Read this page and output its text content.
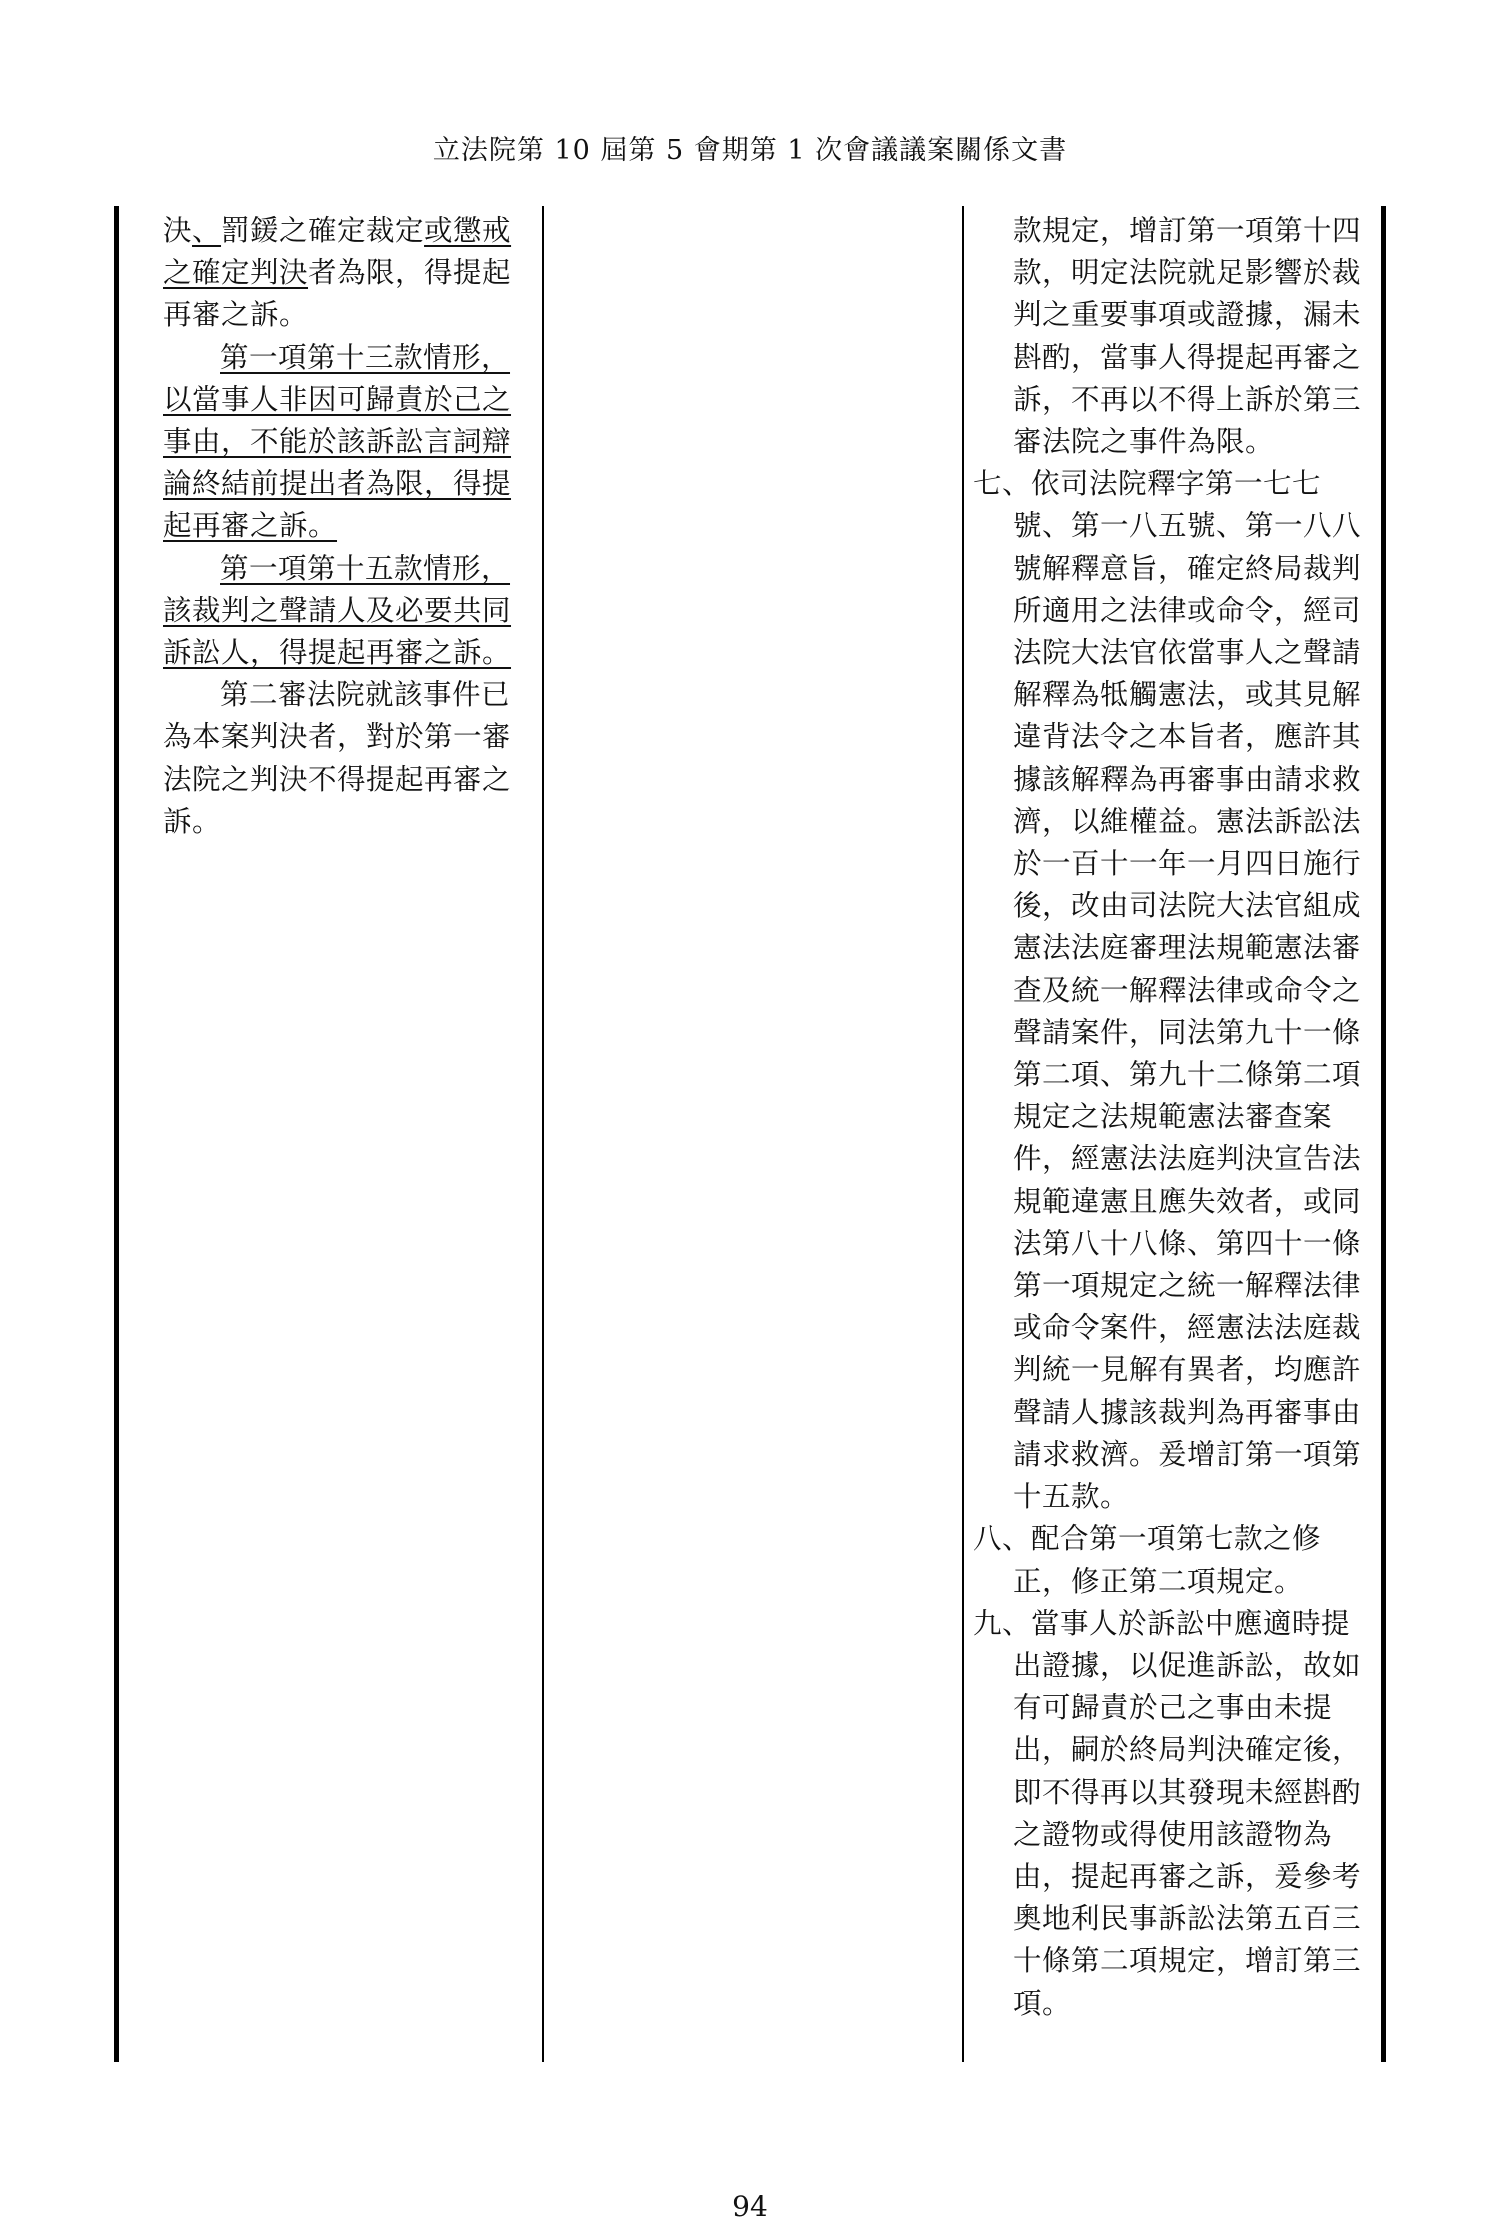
立法院第 10 屆第 5 會期第 1 次會議議案關係文書

決、罰鍰之確定裁定或懲戒之確定判決者為限，得提起再審之訴。

第一項第十三款情形，以當事人非因可歸責於己之事由，不能於該訴訟言詞辯論終結前提出者為限，得提起再審之訴。

第一項第十五款情形，該裁判之聲請人及必要共同訴訟人，得提起再審之訴。

第二審法院就該事件已為本案判決者，對於第一審法院之判決不得提起再審之訴。

款規定，增訂第一項第十四款，明定法院就足影響於裁判之重要事項或證據，漏未斟酌，當事人得提起再審之訴，不再以不得上訴於第三審法院之事件為限。

七、依司法院釋字第一七七號、第一八五號、第一八八號解釋意旨，確定終局裁判所適用之法律或命令，經司法院大法官依當事人之聲請解釋為牴觸憲法，或其見解違背法令之本旨者，應許其據該解釋為再審事由請求救濟，以維權益。憲法訴訟法於一百十一年一月四日施行後，改由司法院大法官組成憲法法庭審理法規範憲法審查及統一解釋法律或命令之聲請案件，同法第九十一條第二項、第九十二條第二項規定之法規範憲法審查案件，經憲法法庭判決宣告法規範違憲且應失效者，或同法第八十八條、第四十一條第一項規定之統一解釋法律或命令案件，經憲法法庭裁判統一見解有異者，均應許聲請人據該裁判為再審事由請求救濟。爰增訂第一項第十五款。

八、配合第一項第七款之修正，修正第二項規定。

九、當事人於訴訟中應適時提出證據，以促進訴訟，故如有可歸責於己之事由未提出，嗣於終局判決確定後，即不得再以其發現未經斟酌之證物或得使用該證物為由，提起再審之訴，爰參考奧地利民事訴訟法第五百三十條第二項規定，增訂第三項。

94
